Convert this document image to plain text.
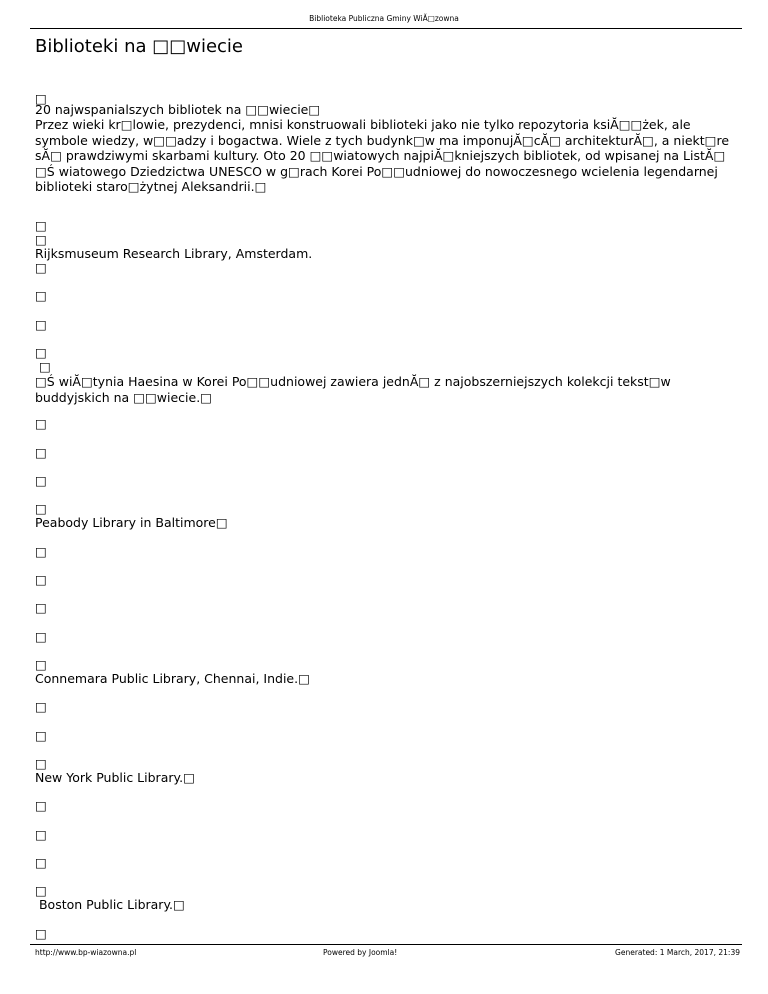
Biblioteka Publiczna Gminy WiĂ□zowna
Biblioteki na □□wiecie

□

20 najwspanialszych bibliotek na □□wiecie□

Przez wieki kr□lowie, prezydenci, mnisi konstruowali biblioteki jako nie tylko repozytoria ksiĂ□□żek, ale symbole wiedzy, w□□adzy i bogactwa. Wiele z tych budynk□w ma imponujĂ□cĂ□ architekturĂ□, a niekt□re sĂ□ prawdziwymi skarbami kultury. Oto 20 □□wiatowych najpiĂ□kniejszych bibliotek, od wpisanej na ListĂ□ □Ś wiatowego Dziedzictwa UNESCO w g□rach Korei Po□□udniowej do nowoczesnego wcielenia legendarnej biblioteki staro□żytnej Aleksandrii.□

□

□

Rijksmuseum Research Library, Amsterdam.

□

□

□

□

□

□Ś wiĂ□tynia Haesina w Korei Po□□udniowej zawiera jednĂ□ z najobszerniejszych kolekcji tekst□w buddyjskich na □□wiecie.□

□

□

□

□

Peabody Library in Baltimore□

□

□

□

□

□

Connemara Public Library, Chennai, Indie.□

□

□

□

New York Public Library.□

□

□

□

□

Boston Public Library.□

□

http://www.bp-wiazowna.pl	Powered by Joomla!	Generated: 1 March, 2017, 21:39
